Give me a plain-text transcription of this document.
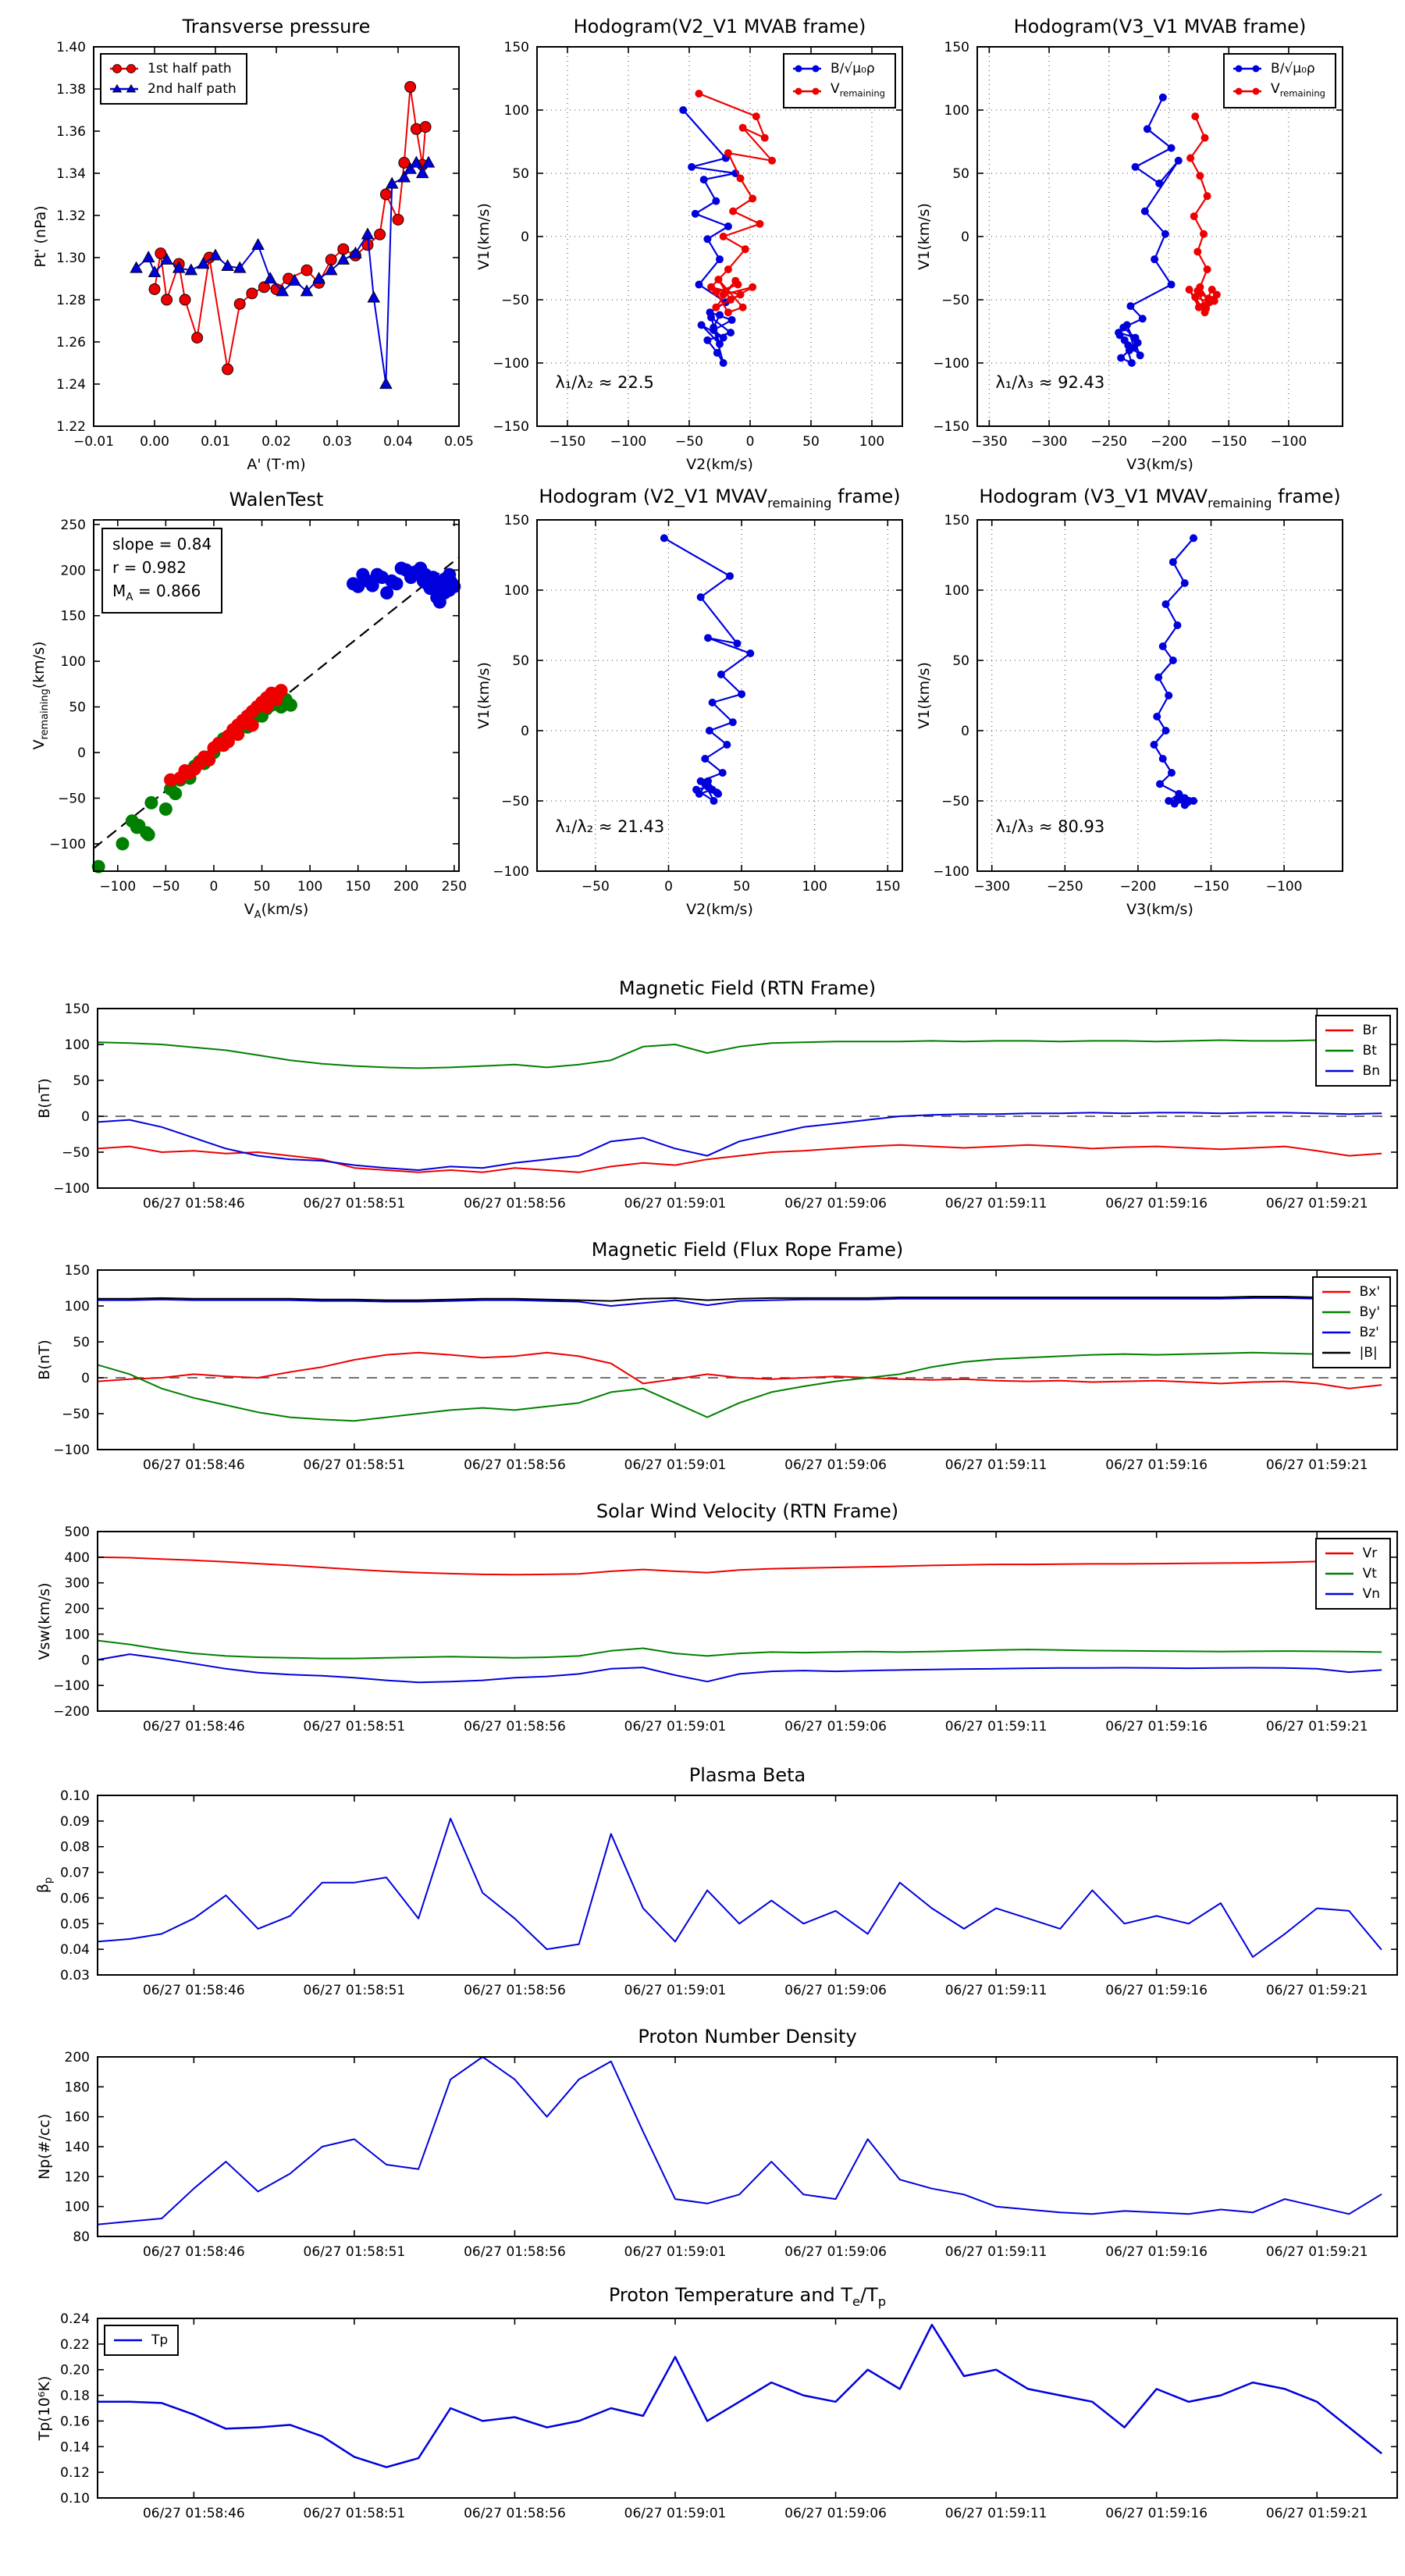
−0.01 0.00 0.01 0.02 0.03 0.04 0.05
1.22
1.24
1.26
1.28
1.30
1.32
1.34
1.36
1.38
1.40
Transverse pressure
A' (T·m)
Pt' (nPa)
1st half path
2nd half path
−150 −100 −50	0	50	100
−150
−100
−50
0
50
100
150
Hodogram(V2_V1 MVAB frame)
V2(km/s)
V1(km/s)
λ₁/λ₂ ≈ 22.5
B/√μ₀ρ
$V_{remaining}$
−350 −300 −250 −200 −150 −100
−150
−100
−50
0
50
100
150
Hodogram(V3_V1 MVAB frame)
V3(km/s)
V1(km/s)
λ₁/λ₃ ≈ 92.43
B/√μ₀ρ
$V_{remaining}$
−100 −50 0	50 100 150 200 250
−100
−50
0
50
100
150
200
250
WalenTest
$V_A(km/s)$
$V_{remaining}(km/s)$
slope = 0.84
r = 0.982
$M_A = 0.866$
−50	0	50	100	150
−100
−50
0
50
100
150
Hodogram (V2_V1 $MVAV_{remaining}$ frame)
V2(km/s)
V1(km/s)
λ₁/λ₂ ≈ 21.43
−300	−250	−200	−150	−100
−100
−50
0
50
100
150
Hodogram (V3_V1 $MVAV_{remaining}$ frame)
V3(km/s)
V1(km/s)
λ₁/λ₃ ≈ 80.93
06/27 01:58:46	06/27 01:58:51	06/27 01:58:56	06/27 01:59:01	06/27 01:59:06	06/27 01:59:11	06/27 01:59:16	06/27 01:59:21
−100
−50
0
50
100
150
Magnetic Field (RTN Frame)
B(nT)
Br
Bt
Bn
06/27 01:58:46	06/27 01:58:51	06/27 01:58:56	06/27 01:59:01	06/27 01:59:06	06/27 01:59:11	06/27 01:59:16	06/27 01:59:21
−100
−50
0
50
100
150
Magnetic Field (Flux Rope Frame)
B(nT)
Bx'
By'
Bz'
|B|
06/27 01:58:46	06/27 01:58:51	06/27 01:58:56	06/27 01:59:01	06/27 01:59:06	06/27 01:59:11	06/27 01:59:16	06/27 01:59:21
−200
−100
0
100
200
300
400
500
Solar Wind Velocity (RTN Frame)
Vsw(km/s)
Vr
Vt
Vn
06/27 01:58:46	06/27 01:58:51	06/27 01:58:56	06/27 01:59:01	06/27 01:59:06	06/27 01:59:11	06/27 01:59:16	06/27 01:59:21
0.03
0.04
0.05
0.06
0.07
0.08
0.09
0.10
Plasma Beta
$\beta_p$
06/27 01:58:46	06/27 01:58:51	06/27 01:58:56	06/27 01:59:01	06/27 01:59:06	06/27 01:59:11	06/27 01:59:16	06/27 01:59:21
80
100
120
140
160
180
200
Proton Number Density
Np(#/cc)
06/27 01:58:46	06/27 01:58:51	06/27 01:58:56	06/27 01:59:01	06/27 01:59:06	06/27 01:59:11	06/27 01:59:16	06/27 01:59:21
0.10
0.12
0.14
0.16
0.18
0.20
0.22
0.24
Proton Temperature and $T_e/T_p$
Tp(10⁶K)
Tp
